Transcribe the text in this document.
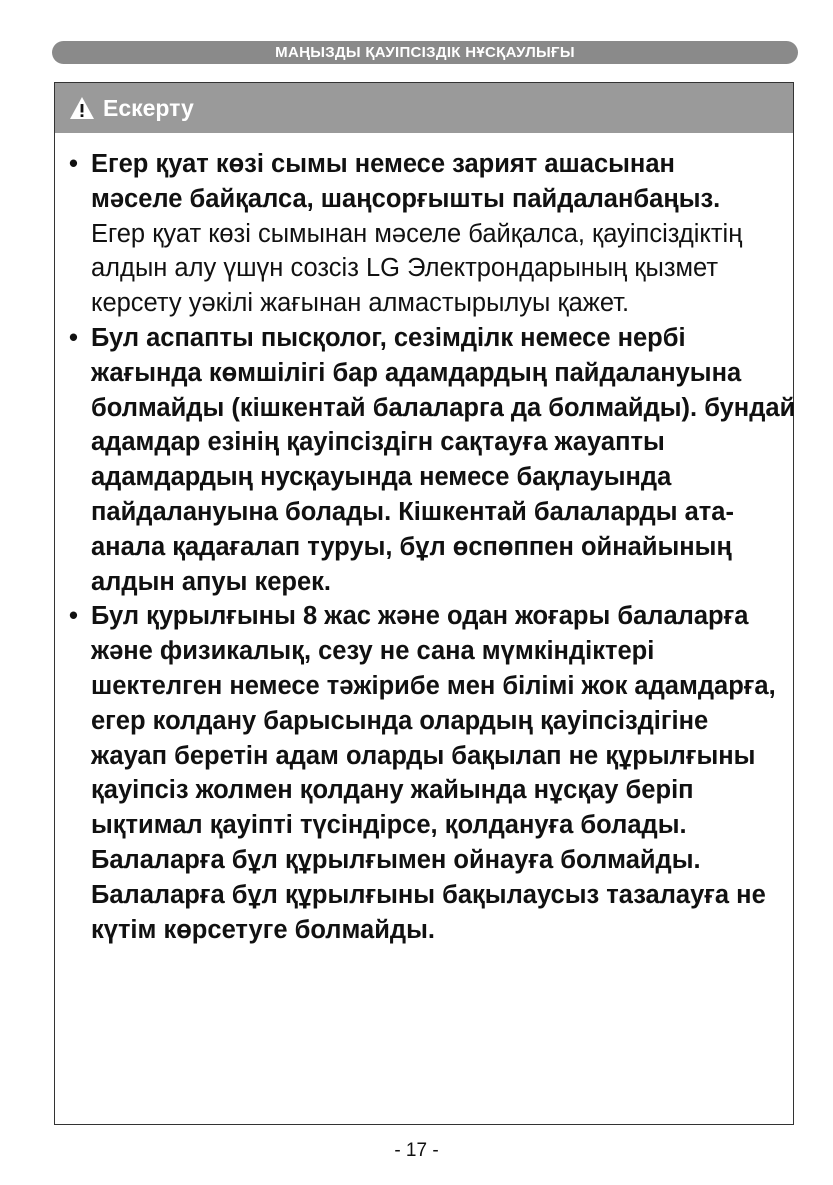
МАҢЫЗДЫ ҚАУІПСІЗДІК НҰСҚАУЛЫҒЫ
Ескерту
• Егер қуат көзі сымы немесе зарият ашасынан мәселе байқалса, шаңсорғышты пайдаланбаңыз.
Егер қуат көзі сымынан мәселе байқалса, қауіпсіздіктің алдын алу үшүн созсіз LG Электрондарының қызмет керсету уәкілі жағынан алмастырылуы қажет.
• Бул аспапты пысқолог, сезімділк немесе нербі жағында көмшілігі бар адамдардың пайдалануына болмайды (кішкентай балаларга да болмайды). бундай адамдар езінің қауіпсіздігн сақтауға жауапты адамдардың нусқауында немесе бақлауында пайдалануына болады. Кішкентай балаларды ата-анала қадағалап туруы, бұл өспөппен ойнайының алдын апуы керек.
• Бул қурылғыны 8 жас және одан жоғары балаларға және физикалық, сезу не сана мүмкіндіктері шектелген немесе тәжірибе мен білімі жок адамдарға, егер колдану барысында олардың қауіпсіздігіне жауап беретін адам оларды бақылап не құрылғыны қауіпсіз жолмен қолдану жайында нұсқау беріп ықтимал қауіпті түсіндірсе, қолдануға болады. Балаларға бұл құрылғымен ойнауға болмайды. Балаларға бұл құрылғыны бақылаусыз тазалауға не күтім көрсетуге болмайды.
- 17 -
